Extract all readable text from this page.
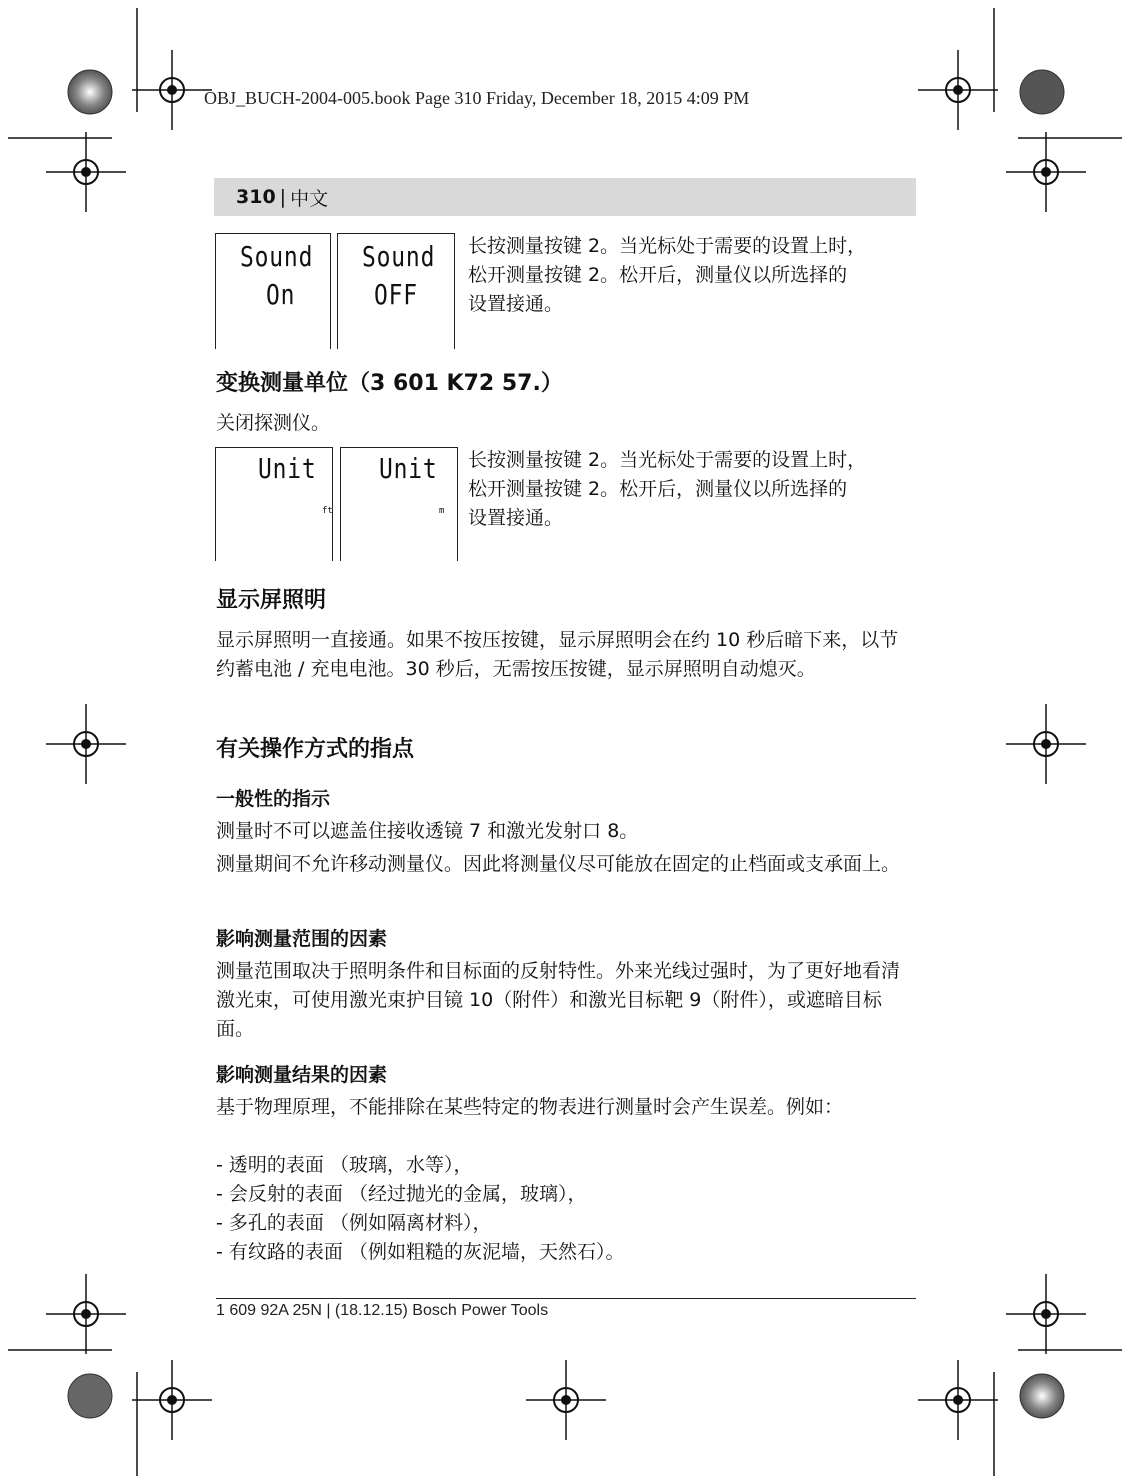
OBJ_BUCH-2004-005.book Page 310 Friday, December 18, 2015 4:09 PM
310 | 中文
Sound
On
Sound
OFF
长按测量按键 2。当光标处于需要的设置上时，
松开测量按键 2。松开后，测量仪以所选择的
设置接通。
变换测量单位（3 601 K72 57.）
关闭探测仪。
Unit
ft
Unit
m
长按测量按键 2。当光标处于需要的设置上时，
松开测量按键 2。松开后，测量仪以所选择的
设置接通。
显示屏照明
显示屏照明一直接通。如果不按压按键，显示屏照明会在约 10 秒后暗下来，以节约蓄电池 / 充电电池。30 秒后，无需按压按键，显示屏照明自动熄灭。
有关操作方式的指点
一般性的指示
测量时不可以遮盖住接收透镜 7 和激光发射口 8。
测量期间不允许移动测量仪。因此将测量仪尽可能放在固定的止档面或支承面上。
影响测量范围的因素
测量范围取决于照明条件和目标面的反射特性。外来光线过强时，为了更好地看清激光束，可使用激光束护目镜 10（附件）和激光目标靶 9（附件），或遮暗目标面。
影响测量结果的因素
基于物理原理，不能排除在某些特定的物表进行测量时会产生误差。例如：
- 透明的表面 （玻璃，水等），
- 会反射的表面 （经过抛光的金属，玻璃），
- 多孔的表面 （例如隔离材料），
- 有纹路的表面 （例如粗糙的灰泥墙，天然石）。
1 609 92A 25N | (18.12.15) Bosch Power Tools
